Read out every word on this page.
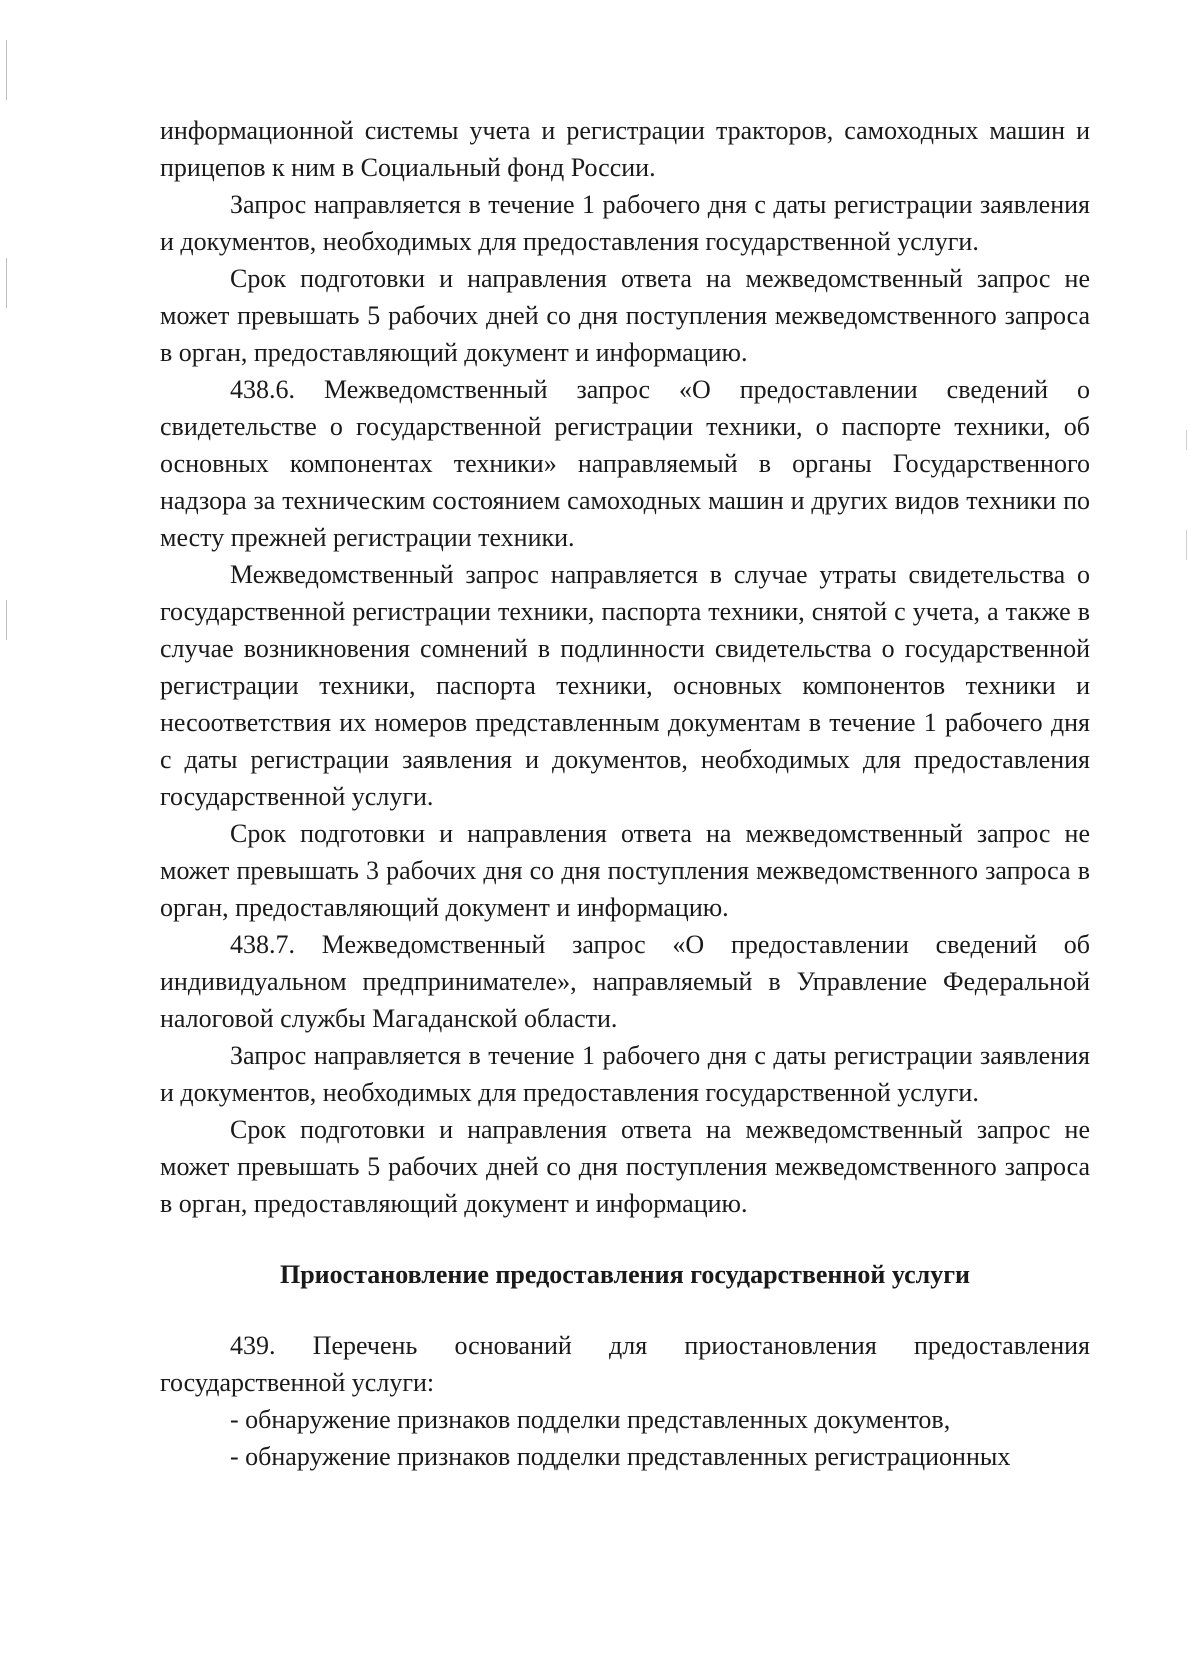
информационной системы учета и регистрации тракторов, самоходных машин и прицепов к ним в Социальный фонд России.

Запрос направляется в течение 1 рабочего дня с даты регистрации заявления и документов, необходимых для предоставления государственной услуги.

Срок подготовки и направления ответа на межведомственный запрос не может превышать 5 рабочих дней со дня поступления межведомственного запроса в орган, предоставляющий документ и информацию.

438.6. Межведомственный запрос «О предоставлении сведений о свидетельстве о государственной регистрации техники, о паспорте техники, об основных компонентах техники» направляемый в органы Государственного надзора за техническим состоянием самоходных машин и других видов техники по месту прежней регистрации техники.

Межведомственный запрос направляется в случае утраты свидетельства о государственной регистрации техники, паспорта техники, снятой с учета, а также в случае возникновения сомнений в подлинности свидетельства о государственной регистрации техники, паспорта техники, основных компонентов техники и несоответствия их номеров представленным документам в течение 1 рабочего дня с даты регистрации заявления и документов, необходимых для предоставления государственной услуги.

Срок подготовки и направления ответа на межведомственный запрос не может превышать 3 рабочих дня со дня поступления межведомственного запроса в орган, предоставляющий документ и информацию.

438.7. Межведомственный запрос «О предоставлении сведений об индивидуальном предпринимателе», направляемый в Управление Федеральной налоговой службы Магаданской области.

Запрос направляется в течение 1 рабочего дня с даты регистрации заявления и документов, необходимых для предоставления государственной услуги.

Срок подготовки и направления ответа на межведомственный запрос не может превышать 5 рабочих дней со дня поступления межведомственного запроса в орган, предоставляющий документ и информацию.

Приостановление предоставления государственной услуги

439. Перечень оснований для приостановления предоставления государственной услуги:

- обнаружение признаков подделки представленных документов,

- обнаружение признаков подделки представленных регистрационных
